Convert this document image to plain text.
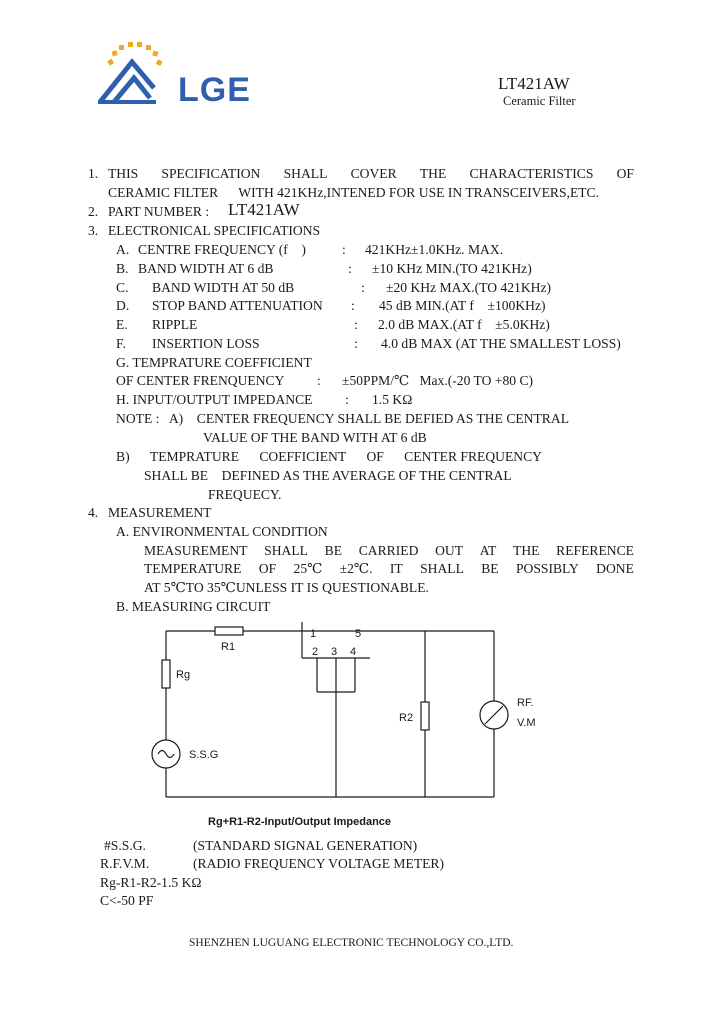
LGE	LT421AW
Ceramic Filter
1. THIS SPECIFICATION SHALL COVER THE CHARACTERISTICS OF
CERAMIC FILTER      WITH 421KHz,INTENED FOR USE IN TRANSCEIVERS,ETC.
2. PART NUMBER : LT421AW
3. ELECTRONICAL SPECIFICATIONS
A. CENTRE FREQUENCY (f　)	: 421KHz±1.0KHz. MAX.
B. BAND WIDTH AT 6 dB	: ±10 KHz MIN.(TO 421KHz)
C. BAND WIDTH AT 50 dB	: ±20 KHz MAX.(TO 421KHz)
D. STOP BAND ATTENUATION : 45 dB MIN.(AT f　±100KHz)
E. RIPPLE	: 2.0 dB MAX.(AT f　±5.0KHz)
F. INSERTION LOSS	: 4.0 dB MAX (AT THE SMALLEST LOSS)
G. TEMPRATURE COEFFICIENT
OF CENTER FRENQUENCY : ±50PPM/℃   Max.(-20 TO +80 C)
H. INPUT/OUTPUT IMPEDANCE : 1.5 KΩ
NOTE :   A)    CENTER FREQUENCY SHALL BE DEFIED AS THE CENTRAL
VALUE OF THE BAND WITH AT 6 dB
B) TEMPRATURE COEFFICIENT OF CENTER FREQUENCY
SHALL BE    DEFINED AS THE AVERAGE OF THE CENTRAL
FREQUECY.
4. MEASUREMENT
A. ENVIRONMENTAL CONDITION
MEASUREMENT SHALL BE CARRIED OUT AT THE REFERENCE
TEMPERATURE OF 25℃ ±2℃. IT SHALL BE POSSIBLY DONE
AT 5℃TO 35℃UNLESS IT IS QUESTIONABLE.
B. MEASURING CIRCUIT
R1
Rg
S.S.G
R2
RF.
V.M
1	5
2 3 4
Rg+R1-R2-Input/Output Impedance
#S.S.G.	(STANDARD SIGNAL GENERATION)
R.F.V.M.	(RADIO FREQUENCY VOLTAGE METER)
Rg-R1-R2-1.5 KΩ
C<-50 PF
SHENZHEN LUGUANG ELECTRONIC TECHNOLOGY CO.,LTD.
